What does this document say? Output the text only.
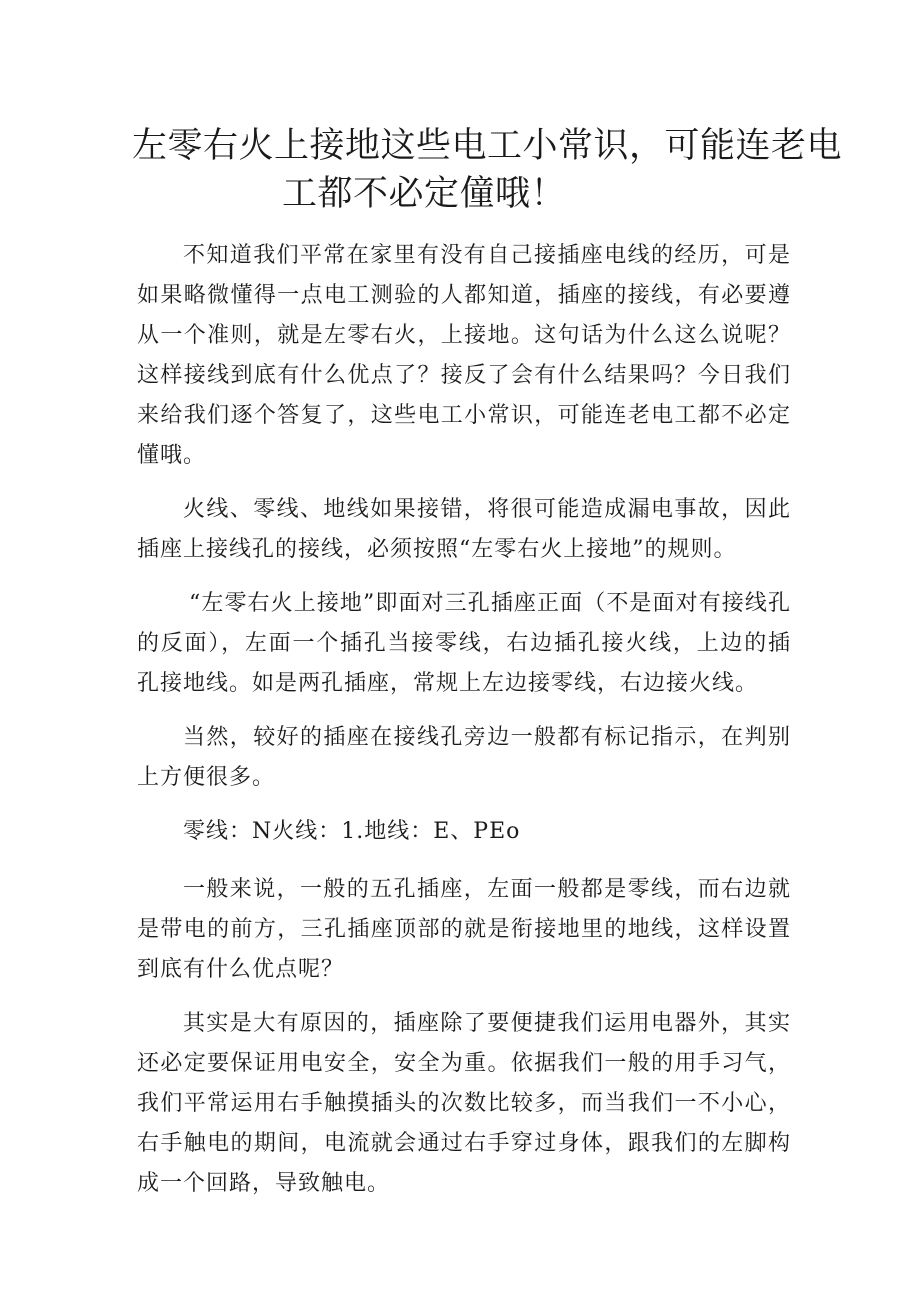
左零右火上接地这些电工小常识，可能连老电
工都不必定僮哦！

不知道我们平常在家里有没有自己接插座电线的经历，可是如果略微懂得一点电工测验的人都知道，插座的接线，有必要遵从一个准则，就是左零右火，上接地。这句话为什么这么说呢？这样接线到底有什么优点了？接反了会有什么结果吗？今日我们来给我们逐个答复了，这些电工小常识，可能连老电工都不必定懂哦。

火线、零线、地线如果接错，将很可能造成漏电事故，因此插座上接线孔的接线，必须按照“左零右火上接地”的规则。

“左零右火上接地”即面对三孔插座正面（不是面对有接线孔的反面），左面一个插孔当接零线，右边插孔接火线，上边的插孔接地线。如是两孔插座，常规上左边接零线，右边接火线。

当然，较好的插座在接线孔旁边一般都有标记指示，在判别上方便很多。

零线：N火线：1.地线：E、PEo

一般来说，一般的五孔插座，左面一般都是零线，而右边就是带电的前方，三孔插座顶部的就是衔接地里的地线，这样设置到底有什么优点呢？

其实是大有原因的，插座除了要便捷我们运用电器外，其实还必定要保证用电安全，安全为重。依据我们一般的用手习气，我们平常运用右手触摸插头的次数比较多，而当我们一不小心，右手触电的期间，电流就会通过右手穿过身体，跟我们的左脚构成一个回路，导致触电。
